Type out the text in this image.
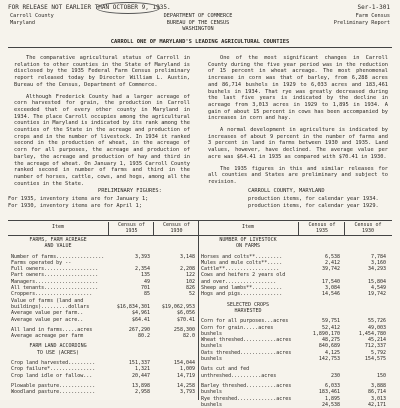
FOR RELEASE NOT EARLIER THAN OCTOBER 9, 1935.	Ser-1-301
Carroll County
Maryland
DEPARTMENT OF COMMERCE
BUREAU OF THE CENSUS
WASHINGTON
Farm Census
Preliminary Report
CARROLL ONE OF MARYLAND'S LEADING AGRICULTURAL COUNTIES

The comparative agricultural status of Carroll in relation to other counties in the State of Maryland is disclosed by the 1935 Federal Farm Census preliminary report released today by Director William L. Austin, Bureau of the Census, Department of Commerce.

Although Frederick County had a larger acreage of corn harvested for grain, the production in Carroll exceeded that of every other county in Maryland in 1934. The place Carroll occupies among the agricultural counties in Maryland is indicated by its rank among the counties of the State in the acreage and production of crops and in the number of livestock. In 1934 it ranked second in the production of wheat, in the acreage of corn for all purposes, the acreage and production of barley, the acreage and production of hay and third in the acreage of wheat. On January 1, 1935 Carroll County ranked second in number of farms and third in the number of horses, cattle, cows, and hogs, among all the counties in the State.

One of the most significant changes in Carroll County during the five year period was in the reduction of 15 percent in wheat acreage. The most phenomenal increase in corn was that of barley, from 6,288 acres and 86,714 bushels in 1929 to 6,033 acres and 183,461 bushels in 1934. That rye was greatly decreased during the last five years is indicated by the decline in acreage from 3,013 acres in 1929 to 1,895 in 1934. A gain of about 15 percent in cows has been accompanied by increases in corn and hay.

A normal development in agriculture is indicated by increases of about 9 percent in the number of farms and 3 percent in land in farms between 1930 and 1935. Land values, however, have declined. The average value per acre was $64.41 in 1935 as compared with $70.41 in 1930.

The 1935 figures in this and similar releases for all counties and States are preliminary and subject to revision.

PRELIMINARY FIGURES:	CARROLL COUNTY, MARYLAND
For 1935, inventory items are for January 1;	production items, for calendar year 1934.
For 1930, inventory items are for April 1;	production items, for calendar year 1929.
Item	Census of
1935
Census of
1930
FARMS, FARM ACREAGE
AND VALUE
Number of farms................	3,393	3,148
Farms operated by --
Full owners..................	2,354	2,208
Part owners..................	135	122
Managers.....................	49	102
All tenants..................	701	826
Croppers...................	85	52
Value of farms (land and
buildings).........dollars	$16,834,301	$19,062,953
Average value per farm..	$4,961	$6,056
Average value per acre..	$64.41	$70.41
All land in farms.....acres	267,290	258,300
Average acreage per farm	80.2	82.0
FARM LAND ACCORDING
TO USE (ACRES)
Crop land harvested.........	151,337	154,044
Crop failure*...............	1,321	1,009
Crop land idle or fallow...	20,447	14,719
Plowable pasture............	13,898	14,258
Woodland pasture............	2,958	3,793
Item	Census of
1935
Census of
1930
NUMBER OF LIVESTOCK
ON FARMS
Horses and colts**.........	6,538	7,784
Mules and mule colts**.....	2,412	3,160
Cattle**..................	39,742	34,293
Cows and heifers 2 years old
and over.................	17,540	15,804
Sheep and lambs**..........	3,084	4,549
Hogs and pigs..............	14,546	19,742
SELECTED CROPS
HARVESTED
Corn for all purposes...acres	59,751	55,726
Corn for grain.....acres	52,412	49,003
bushels	1,890,170	1,454,780
Wheat threshed...........acres	48,275	45,214
bushels	840,689	712,337
Oats threshed............acres	4,125	5,792
bushels	142,753	154,575
Oats cut and fed
unthreshed..........acres	230	150
Barley threshed..........acres	6,033	3,888
bushels	183,461	86,714
Rye threshed.............acres	1,895	3,013
bushels	24,538	42,171
